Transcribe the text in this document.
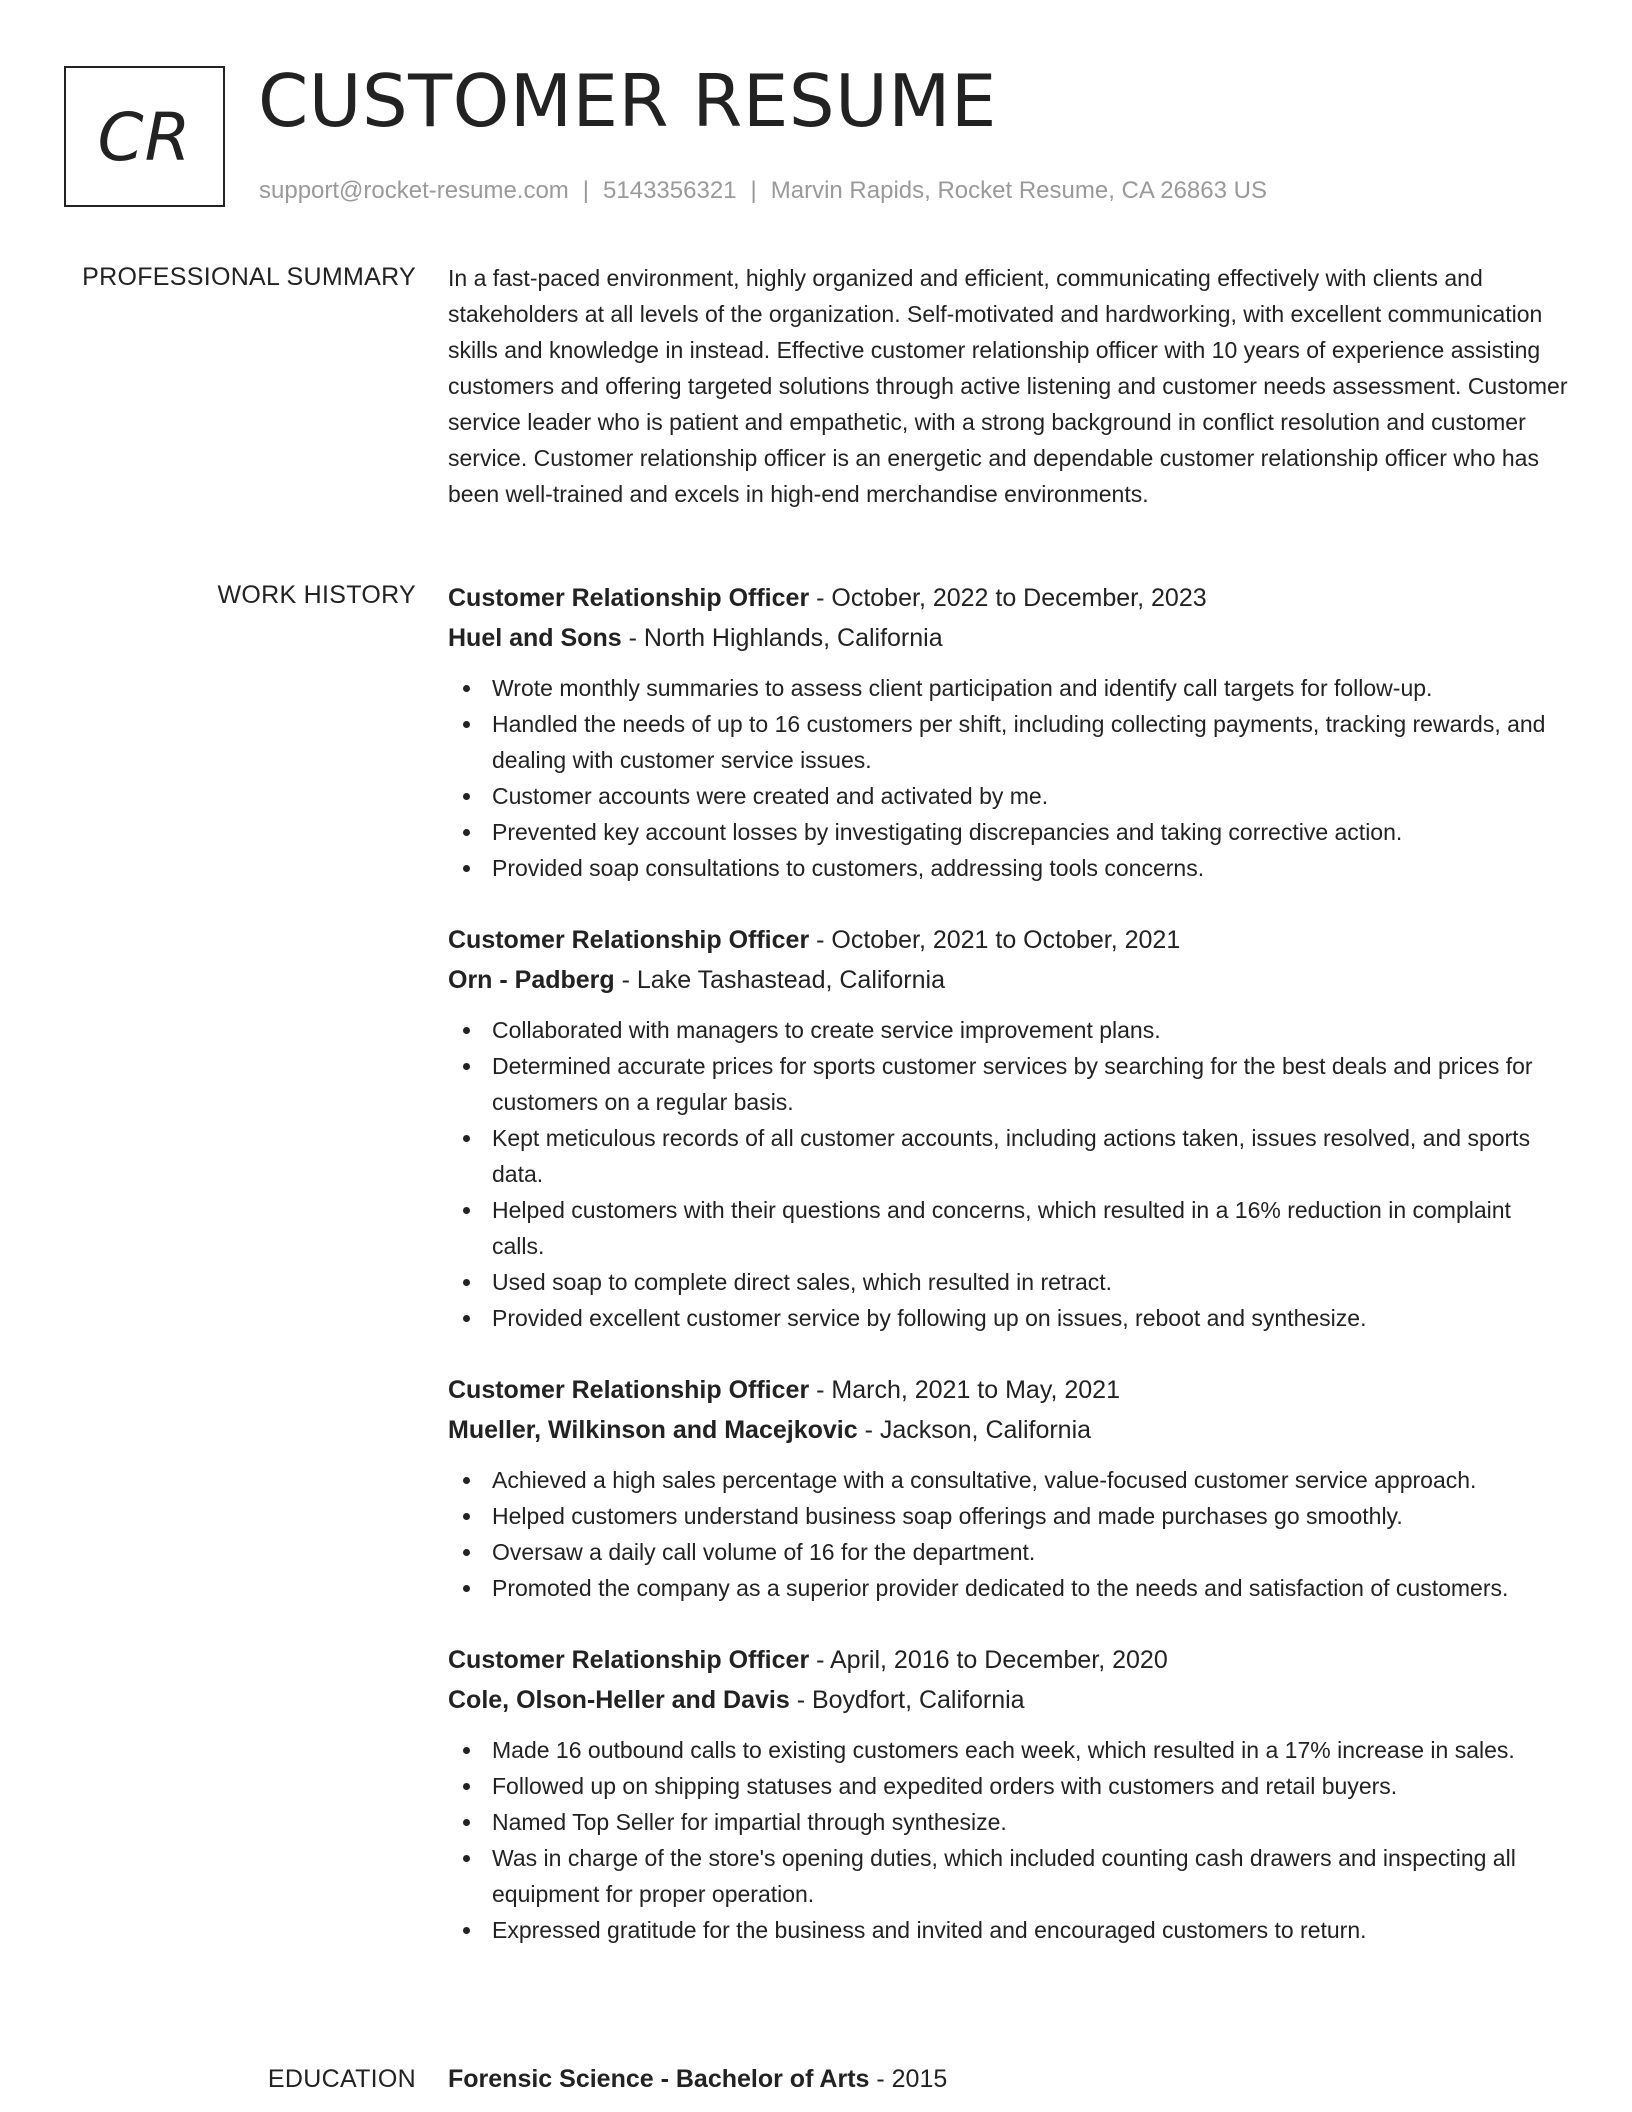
CR CUSTOMER RESUME
support@rocket-resume.com | 5143356321 | Marvin Rapids, Rocket Resume, CA 26863 US
PROFESSIONAL SUMMARY In a fast-paced environment, highly organized and efficient, communicating effectively with clients and stakeholders at all levels of the organization. Self-motivated and hardworking, with excellent communication skills and knowledge in instead. Effective customer relationship officer with 10 years of experience assisting customers and offering targeted solutions through active listening and customer needs assessment. Customer service leader who is patient and empathetic, with a strong background in conflict resolution and customer service. Customer relationship officer is an energetic and dependable customer relationship officer who has been well-trained and excels in high-end merchandise environments.

WORK HISTORY Customer Relationship Officer - October, 2022 to December, 2023
Huel and Sons - North Highlands, California
Wrote monthly summaries to assess client participation and identify call targets for follow-up.
Handled the needs of up to 16 customers per shift, including collecting payments, tracking rewards, and dealing with customer service issues.
Customer accounts were created and activated by me.
Prevented key account losses by investigating discrepancies and taking corrective action.
Provided soap consultations to customers, addressing tools concerns.
Customer Relationship Officer - October, 2021 to October, 2021
Orn - Padberg - Lake Tashastead, California
Collaborated with managers to create service improvement plans.
Determined accurate prices for sports customer services by searching for the best deals and prices for customers on a regular basis.
Kept meticulous records of all customer accounts, including actions taken, issues resolved, and sports data.
Helped customers with their questions and concerns, which resulted in a 16% reduction in complaint calls.
Used soap to complete direct sales, which resulted in retract.
Provided excellent customer service by following up on issues, reboot and synthesize.
Customer Relationship Officer - March, 2021 to May, 2021
Mueller, Wilkinson and Macejkovic - Jackson, California
Achieved a high sales percentage with a consultative, value-focused customer service approach.
Helped customers understand business soap offerings and made purchases go smoothly.
Oversaw a daily call volume of 16 for the department.
Promoted the company as a superior provider dedicated to the needs and satisfaction of customers.
Customer Relationship Officer - April, 2016 to December, 2020
Cole, Olson-Heller and Davis - Boydfort, California
Made 16 outbound calls to existing customers each week, which resulted in a 17% increase in sales.
Followed up on shipping statuses and expedited orders with customers and retail buyers.
Named Top Seller for impartial through synthesize.
Was in charge of the store's opening duties, which included counting cash drawers and inspecting all equipment for proper operation.
Expressed gratitude for the business and invited and encouraged customers to return.
EDUCATION Forensic Science - Bachelor of Arts - 2015
